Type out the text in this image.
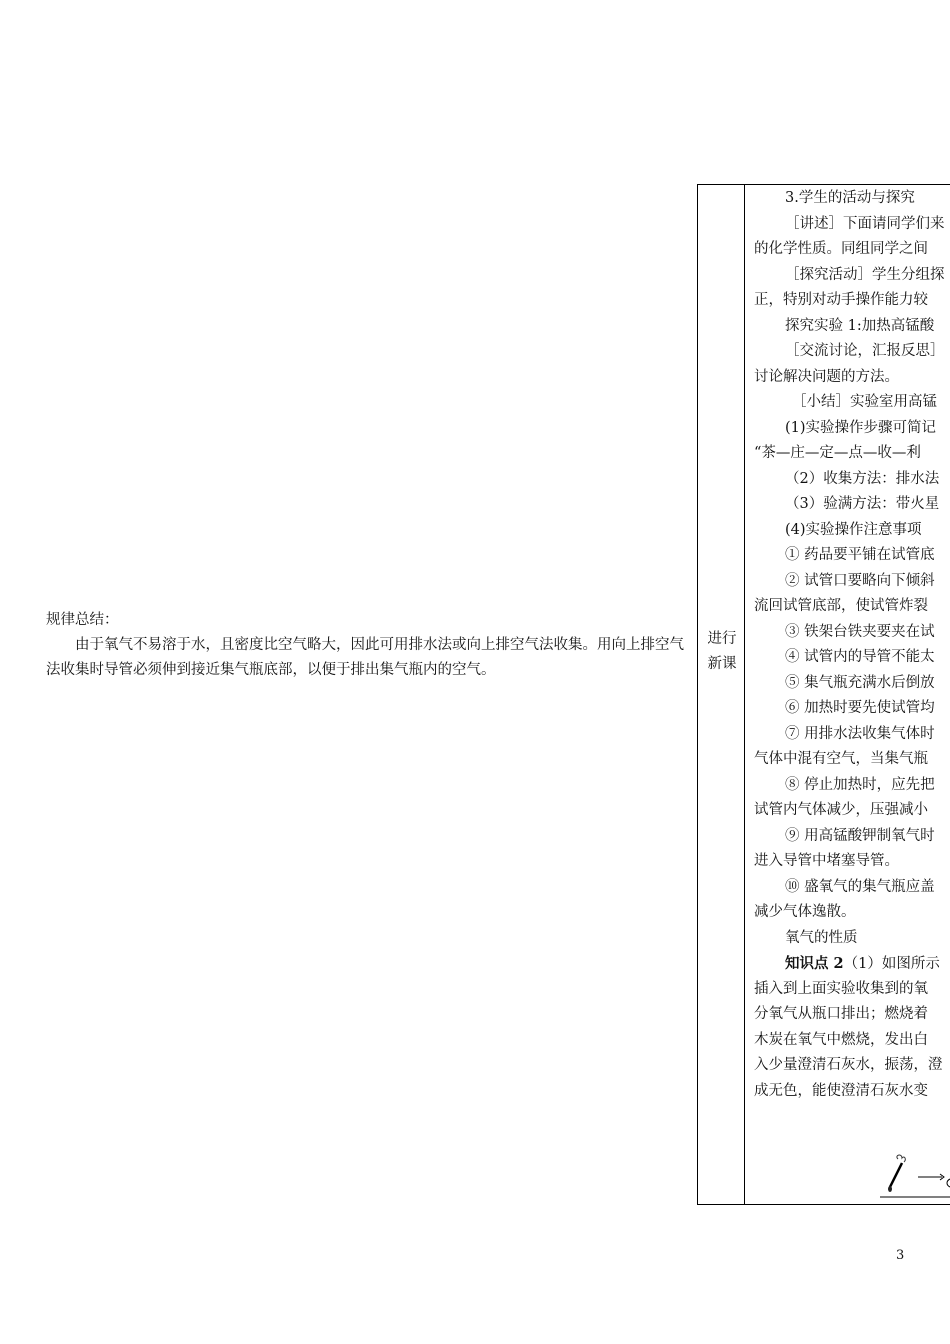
规律总结：

由于氧气不易溶于水，且密度比空气略大，因此可用排水法或向上排空气法收集。用向上排空气法收集时导管必须伸到接近集气瓶底部，以便于排出集气瓶内的空气。

进行新课
3.学生的活动与探究
［讲述］下面请同学们来
的化学性质。同组同学之间
［探究活动］学生分组探
正，特别对动手操作能力较
探究实验 1:加热高锰酸
［交流讨论，汇报反思］
讨论解决问题的方法。
［小结］实验室用高锰
(1)实验操作步骤可简记
“茶—庄—定—点—收—利
（2）收集方法：排水法
（3）验满方法：带火星
(4)实验操作注意事项
① 药品要平铺在试管底
② 试管口要略向下倾斜
流回试管底部，使试管炸裂
③ 铁架台铁夹要夹在试
④ 试管内的导管不能太
⑤ 集气瓶充满水后倒放
⑥ 加热时要先使试管均
⑦ 用排水法收集气体时
气体中混有空气，当集气瓶
⑧ 停止加热时，应先把
试管内气体减少，压强减小
⑨ 用高锰酸钾制氧气时
进入导管中堵塞导管。
⑩ 盛氧气的集气瓶应盖
减少气体逸散。
氧气的性质
知识点 2（1）如图所示
插入到上面实验收集到的氧
分氧气从瓶口排出；燃烧着
木炭在氧气中燃烧，发出白
入少量澄清石灰水，振荡，澄
成无色，能使澄清石灰水变
3
